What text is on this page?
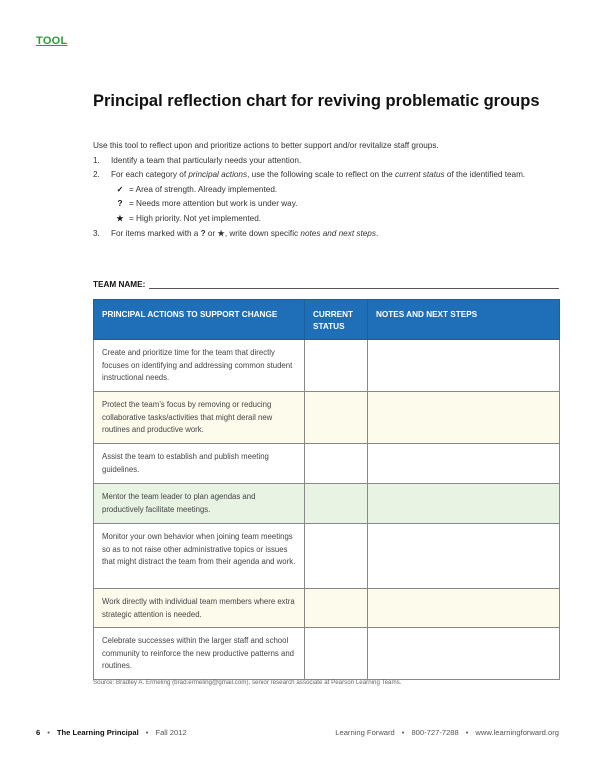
TOOL
Principal reflection chart for reviving problematic groups

Use this tool to reflect upon and prioritize actions to better support and/or revitalize staff groups.

1.	Identify a team that particularly needs your attention.
2.	For each category of principal actions, use the following scale to reflect on the current status of the identified team.
✓ = Area of strength. Already implemented.
? = Needs more attention but work is under way.
★ = High priority. Not yet implemented.
3.	For items marked with a ? or ★, write down specific notes and next steps.
TEAM NAME:
PRINCIPAL ACTIONS TO SUPPORT CHANGE	CURRENT STATUS	NOTES AND NEXT STEPS
Create and prioritize time for the team that directly focuses on identifying and addressing common student instructional needs.		
Protect the team’s focus by removing or reducing collaborative tasks/activities that might derail new routines and productive work.		
Assist the team to establish and publish meeting guidelines.		
Mentor the team leader to plan agendas and productively facilitate meetings.		
Monitor your own behavior when joining team meetings so as to not raise other administrative topics or issues that might distract the team from their agenda and work.		
Work directly with individual team members where extra strategic attention is needed.		
Celebrate successes within the larger staff and school community to reinforce the new productive patterns and routines.		
Source: Bradley A. Ermeling (brad.ermeling@gmail.com), senior research associate at Pearson Learning Teams.
6 • The Learning Principal • Fall 2012	Learning Forward • 800-727-7288 • www.learningforward.org
